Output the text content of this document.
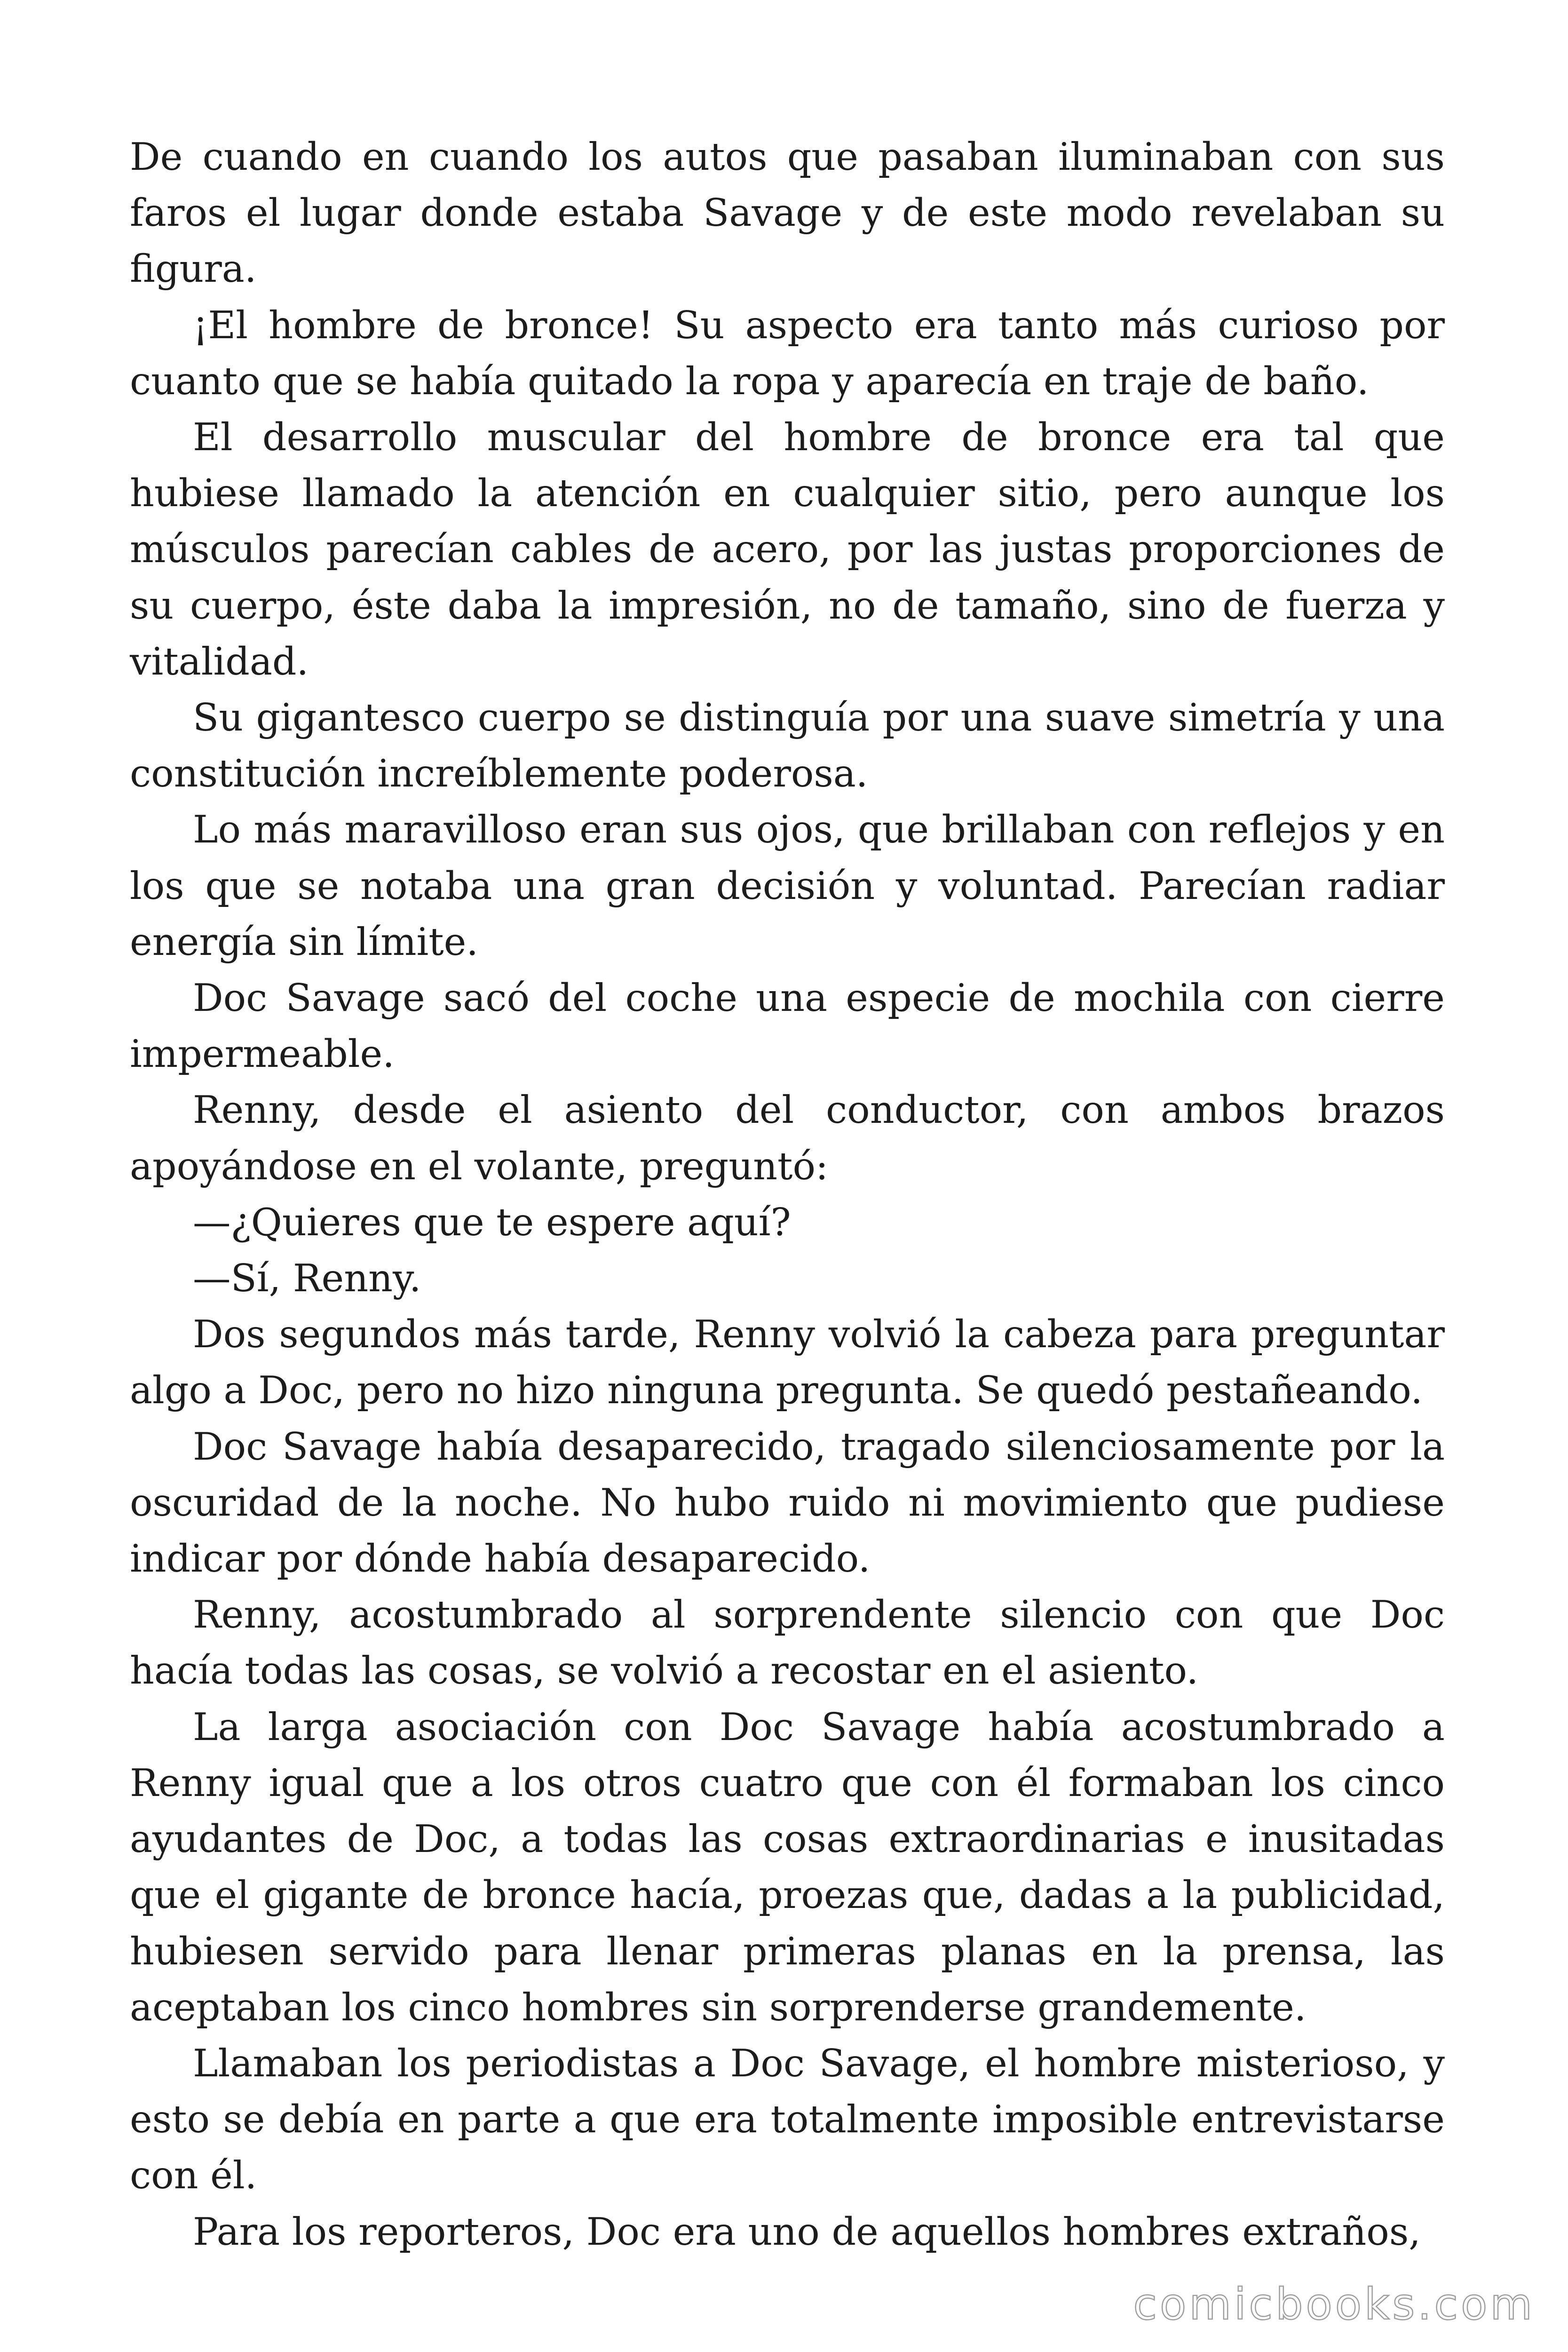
De cuando en cuando los autos que pasaban iluminaban con sus faros el lugar donde estaba Savage y de este modo revelaban su figura.

¡El hombre de bronce! Su aspecto era tanto más curioso por cuanto que se había quitado la ropa y aparecía en traje de baño.

El desarrollo muscular del hombre de bronce era tal que hubiese llamado la atención en cualquier sitio, pero aunque los músculos parecían cables de acero, por las justas proporciones de su cuerpo, éste daba la impresión, no de tamaño, sino de fuerza y vitalidad.

Su gigantesco cuerpo se distinguía por una suave simetría y una constitución increíblemente poderosa.

Lo más maravilloso eran sus ojos, que brillaban con reflejos y en los que se notaba una gran decisión y voluntad. Parecían radiar energía sin límite.

Doc Savage sacó del coche una especie de mochila con cierre impermeable.

Renny, desde el asiento del conductor, con ambos brazos apoyándose en el volante, preguntó:

—¿Quieres que te espere aquí?

—Sí, Renny.

Dos segundos más tarde, Renny volvió la cabeza para preguntar algo a Doc, pero no hizo ninguna pregunta. Se quedó pestañeando.

Doc Savage había desaparecido, tragado silenciosamente por la oscuridad de la noche. No hubo ruido ni movimiento que pudiese indicar por dónde había desaparecido.

Renny, acostumbrado al sorprendente silencio con que Doc hacía todas las cosas, se volvió a recostar en el asiento.

La larga asociación con Doc Savage había acostumbrado a Renny igual que a los otros cuatro que con él formaban los cinco ayudantes de Doc, a todas las cosas extraordinarias e inusitadas que el gigante de bronce hacía, proezas que, dadas a la publicidad, hubiesen servido para llenar primeras planas en la prensa, las aceptaban los cinco hombres sin sorprenderse grandemente.

Llamaban los periodistas a Doc Savage, el hombre misterioso, y esto se debía en parte a que era totalmente imposible entrevistarse con él.

Para los reporteros, Doc era uno de aquellos hombres extraños,

comicbooks.com
